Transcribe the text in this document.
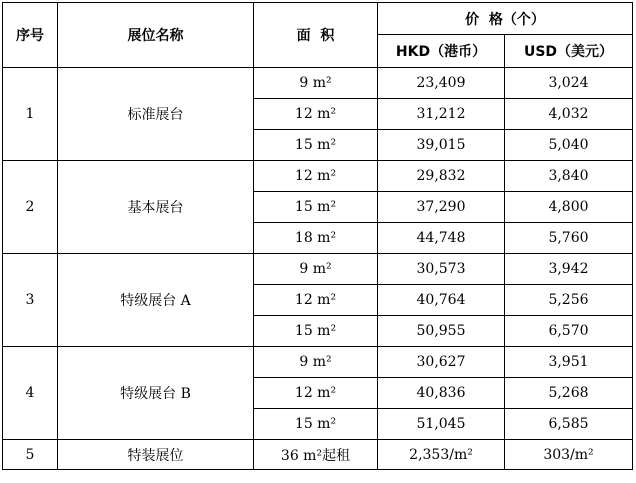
序号	展位名称	面  积	价  格（个）	
			HKD（港币）	USD（美元）
1	标准展台	9 m²	23,409	3,024
		12 m²	31,212	4,032
		15 m²	39,015	5,040
2	基本展台	12 m²	29,832	3,840
		15 m²	37,290	4,800
		18 m²	44,748	5,760
3	特级展台 A	9 m²	30,573	3,942
		12 m²	40,764	5,256
		15 m²	50,955	6,570
4	特级展台 B	9 m²	30,627	3,951
		12 m²	40,836	5,268
		15 m²	51,045	6,585
5	特装展位	36 m²起租	2,353/m²	303/m²
